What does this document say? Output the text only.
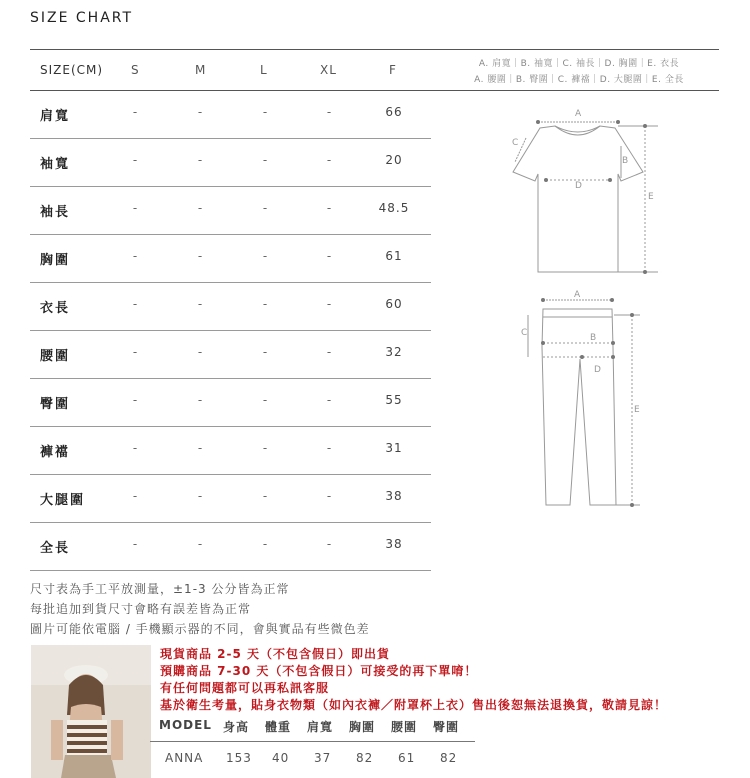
SIZE CHART
SIZE(CM) S	M	L	XL	F	A. 肩寬｜B. 袖寬｜C. 袖長｜D. 胸圍｜E. 衣長
A. 腰圍｜B. 臀圍｜C. 褲襠｜D. 大腿圍｜E. 全長
肩寬	-	-	-	-	66
袖寬	-	-	-	-	20
袖長	-	-	-	-	48.5
胸圍	-	-	-	-	61
衣長	-	-	-	-	60
腰圍	-	-	-	-	32
臀圍	-	-	-	-	55
褲襠	-	-	-	-	31
大腿圍	-	-	-	-	38
全長	-	-	-	-	38
A
C
B
D
E
A
C	B
D
E
尺寸表為手工平放測量，±1-3 公分皆為正常
每批追加到貨尺寸會略有誤差皆為正常
圖片可能依電腦 / 手機顯示器的不同，會與實品有些微色差
現貨商品 2-5 天（不包含假日）即出貨
預購商品 7-30 天（不包含假日）可接受的再下單唷！
有任何問題都可以再私訊客服
基於衛生考量，貼身衣物類（如內衣褲／附罩杯上衣）售出後恕無法退換貨，敬請見諒！
MODEL 身高 體重 肩寬 胸圍 腰圍 臀圍
ANNA 153 40 37 82 61 82
